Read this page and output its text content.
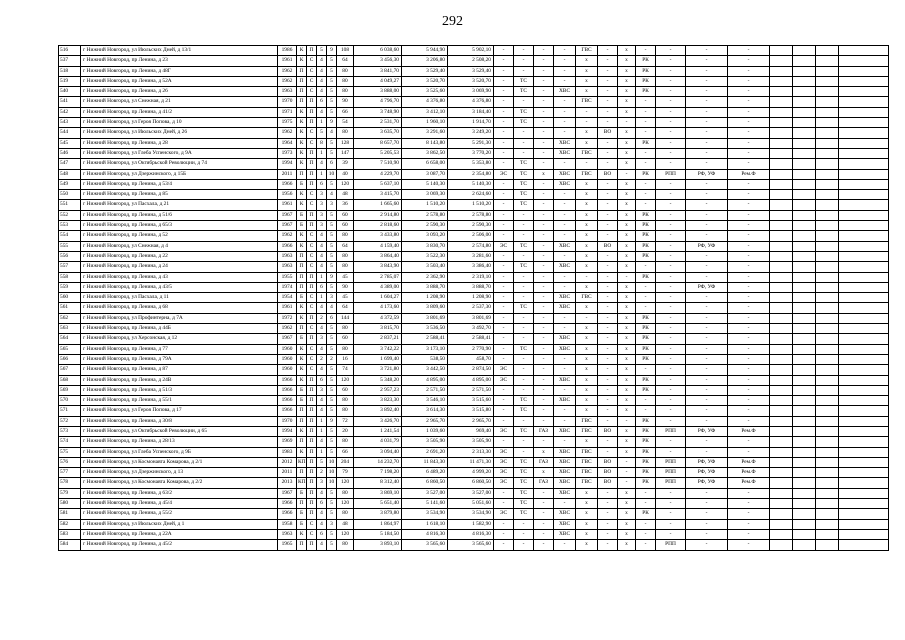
292
516	г Нижний Новгород, ул Июльских Дней, д 13/1	1986	К	П	5	9	108	6 038,60	5 944,90	5 902,10	-	-	-	-	ГВС	-	х	-	-	-	-				
537	г Нижний Новгород, пр Ленина, д 23	1961	К	С	4	5	64	3 456,30	3 206,80	2 508,20	-	-	-	-	х	-	х	РК	-	-	-				
518	г Нижний Новгород, пр Ленина, д 48Г	1962	П	С	4	5	80	3 841,70	3 529,40	3 529,40	-	-	-	-	х	-	х	РК	-	-	-				
519	г Нижний Новгород, пр Ленина, д 52А	1962	П	С	4	5	80	4 049,27	3 520,70	3 520,70	-	ТС	-	-	х	-	х	РК	-	-	-				
540	г Нижний Новгород, пр Ленина, д 26	1963	П	С	4	5	80	3 888,00	3 525,60	3 069,90	-	ТС	-	ХВС	х	-	х	РК	-	-	-				
541	г Нижний Новгород, ул Снежная, д 21	1970	П	П	6	5	90	4 796,70	4 376,80	4 376,80	-	-	-	-	ГВС	-	х	-	-	-	-				
542	г Нижний Новгород, пр Ленина, д 41/2	1971	К	П	4	5	66	3 748,90	3 412,10	3 184,40	-	ТС	-	-	-	-	х	-	-	-	-				
543	г Нижний Новгород, ул Героя Попова, д 10	1975	К	П	1	9	54	2 531,70	1 960,10	1 914,70	-	ТС	-	-	-	-	-	-	-	-	-				
544	г Нижний Новгород, ул Июльских Дней, д 26	1962	К	С	5	4	80	3 635,70	3 291,60	3 249,20	-	-	-	-	х	ВО	х	-	-	-	-				
545	г Нижний Новгород, пр Ленина, д 28	1964	К	С	8	5	128	8 657,70	8 143,80	5 291,30	-	-	-	ХВС	х	-	х	РК	-	-	-				
546	г Нижний Новгород, ул Глеба Успенского, д 9А	1973	К	П	1	5	147	5 205,53	3 862,50	3 770,20	-	-	-	ХВС	ГВС	-	х	-	-	-	-				
547	г Нижний Новгород, ул Октябрьской Революции, д 74	1994	К	П	4	6	39	7 510,90	6 658,00	5 353,80	-	ТС	-	-	-	-	х	-	-	-	-				
548	г Нижний Новгород, ул Дзержинского, д 15Б	2011	П	П	1	10	40	4 229,70	3 087,70	2 354,80	ЭС	ТС	х	ХВС	ГВС	ВО	-	РК	РПП	РФ, УФ	Рем.Ф				
549	г Нижний Новгород, пр Ленина, д 53/4	1966	Б	П	6	5	120	5 637,10	5 140,30	5 140,30	-	ТС	-	ХВС	х	-	х	-	-	-	-				
550	г Нижний Новгород, пр Ленина, д 85	1956	К	С	3	4	48	3 415,70	3 069,30	2 624,60	-	ТС	-	-	х	-	х	-	-	-	-				
551	г Нижний Новгород, ул Пасхала, д 21	1961	К	С	3	3	36	1 665,60	1 510,20	1 510,20	-	ТС	-	-	х	-	х	-	-	-	-				
552	г Нижний Новгород, пр Ленина, д 51/6	1967	Б	П	3	5	60	2 914,80	2 578,80	2 578,80	-	-	-	-	х	-	х	РК	-	-	-				
553	г Нижний Новгород, пр Ленина, д 65/3	1967	Б	П	3	5	60	2 818,60	2 590,30	2 590,30	-	-	-	-	х	-	х	РК	-	-	-				
554	г Нижний Новгород, пр Ленина, д 52	1962	К	С	4	5	80	3 433,80	3 093,20	2 506,00	-	-	-	-	х	-	х	РК	-	-	-				
555	г Нижний Новгород, ул Снежная, д 4	1966	К	С	4	5	64	4 159,40	3 830,70	2 574,80	ЭС	ТС	-	ХВС	х	ВО	х	РК	-	РФ, УФ	-				
556	г Нижний Новгород, пр Ленина, д 22	1963	П	С	4	5	80	3 864,40	3 522,30	3 281,60	-	-	-	-	х	-	х	РК	-	-	-				
557	г Нижний Новгород, пр Ленина, д 24	1963	П	С	4	5	80	3 843,90	3 503,40	3 386,40	-	ТС	-	ХВС	х	-	х	-	-	-	-				
558	г Нижний Новгород, пр Ленина, д 43	1955	П	П	1	9	45	2 785,07	2 362,90	2 319,10	-	-	-	-	-	-	-	РК	-	-	-				
559	г Нижний Новгород, пр Ленина, д 43/5	1974	П	П	6	5	90	4 389,00	3 888,70	3 888,70	-	-	-	-	х	-	х	-	-	РФ, УФ	-				
560	г Нижний Новгород, ул Пасхала, д 11	1954	Б	С	1	3	45	1 604,27	1 208,90	1 208,90	-	-	-	ХВС	ГВС	-	х	-	-	-	-				
561	г Нижний Новгород, пр Ленина, д 68	1961	К	С	4	4	64	4 173,60	3 809,60	2 537,30	-	ТС	-	ХВС	х	-	х	-	-	-	-				
562	г Нижний Новгород, ул Профинтерна, д 7А	1972	К	П	2	6	144	4 372,59	3 801,69	3 801,69	-	-	-	-	-	-	х	РК	-	-	-				
563	г Нижний Новгород, пр Ленина, д 44Б	1962	П	С	4	5	80	3 815,70	3 536,50	3 492,70	-	-	-	-	х	-	х	РК	-	-	-				
564	г Нижний Новгород, ул Херсонская, д 12	1967	Б	П	3	5	60	2 837,21	2 588,41	2 588,41	-	-	-	ХВС	х	-	х	РК	-	-	-				
565	г Нижний Новгород, пр Ленина, д 77	1960	К	С	4	5	80	3 742,22	3 173,10	2 770,90	-	ТС	-	ХВС	х	-	х	РК	-	-	-				
566	г Нижний Новгород, пр Ленина, д 79А	1960	К	С	2	2	16	1 699,40	538,50	458,70	-	-	-	-	х	-	х	РК	-	-	-				
567	г Нижний Новгород, пр Ленина, д 87	1960	К	С	4	5	74	3 721,80	3 442,50	2 874,50	ЭС	-	-	-	х	-	х	-	-	-	-				
568	г Нижний Новгород, пр Ленина, д 24В	1966	К	П	6	5	120	5 348,20	4 895,00	4 895,00	ЭС	-	-	ХВС	х	-	х	РК	-	-	-				
569	г Нижний Новгород, пр Ленина, д 51/3	1966	Б	П	3	5	60	2 957,23	2 571,50	2 571,50	-	-	-	-	х	-	х	РК	-	-	-				
570	г Нижний Новгород, пр Ленина, д 55/1	1966	Б	П	4	5	80	3 823,30	3 546,10	3 515,60	-	ТС	-	ХВС	х	-	х	-	-	-	-				
571	г Нижний Новгород, ул Героя Попова, д 17	1966	П	П	4	5	80	3 892,40	3 614,30	3 515,80	-	ТС	-	-	х	-	х	-	-	-	-				
572	г Нижний Новгород, пр Ленина, д 30/8	1970	П	П	1	9	72	3 426,70	2 965,70	2 965,70	-	-	-	-	ГВС	-	-	РК	-	-	-				
573	г Нижний Новгород, ул Октябрьской Революции, д 65	1994	К	П	1	5	20	1 241,54	1 039,60	969,40	ЭС	ТС	ГАЗ	ХВС	ГВС	ВО	х	РК	РПП	РФ, УФ	Рем.Ф				
574	г Нижний Новгород, пр Ленина, д 28/13	1969	П	П	4	5	80	4 031,79	3 505,90	3 505,90	-	-	-	-	х	-	х	РК	-	-	-				
575	г Нижний Новгород, ул Глеба Успенского, д 9Б	1983	К	П	1	5	66	3 094,40	2 691,20	2 313,30	ЭС	-	х	ХВС	ГВС	-	х	РК	-	-	-				
576	г Нижний Новгород, ул Космонавта Комарова, д 2/1	2012	КП	П	5	10	204	14 232,70	11 843,30	11 471,30	ЭС	ТС	ГАЗ	ХВС	ГВС	ВО	-	РК	РПП	РФ, УФ	Рем.Ф				
577	г Нижний Новгород, ул Дзержинского, д 13	2011	П	П	2	10	79	7 198,20	6 489,20	4 999,20	ЭС	ТС	х	ХВС	ГВС	ВО	-	РК	РПП	РФ, УФ	Рем.Ф				
578	г Нижний Новгород, ул Космонавта Комарова, д 2/2	2013	КП	П	3	10	120	8 312,40	6 860,50	6 860,50	ЭС	ТС	ГАЗ	ХВС	ГВС	ВО	-	РК	РПП	РФ, УФ	Рем.Ф				
579	г Нижний Новгород, пр Ленина, д 63/2	1967	Б	П	4	5	80	3 869,10	3 527,00	3 527,00	-	ТС	-	ХВС	х	-	х	-	-	-	-				
580	г Нижний Новгород, пр Ленина, д 45/4	1966	П	П	6	5	120	5 651,40	5 141,60	5 051,60	-	ТС	-	-	х	-	х	-	-	-	-				
581	г Нижний Новгород, пр Ленина, д 55/2	1966	Б	П	4	5	80	3 879,80	3 534,90	3 534,90	ЭС	ТС	-	ХВС	х	-	х	РК	-	-	-				
582	г Нижний Новгород, ул Июльских Дней, д 1	1958	Б	С	4	3	48	1 864,97	1 618,10	1 582,90	-	-	-	ХВС	х	-	х	-	-	-	-				
583	г Нижний Новгород, пр Ленина, д 22А	1963	К	С	6	5	120	5 184,50	4 816,30	4 816,30	-	-	-	ХВС	х	-	х	-	-	-	-				
584	г Нижний Новгород, пр Ленина, д 45/2	1965	П	П	4	5	80	3 893,10	3 565,60	3 565,60	-	-	-	-	х	-	х	-	РПП	-	-				
